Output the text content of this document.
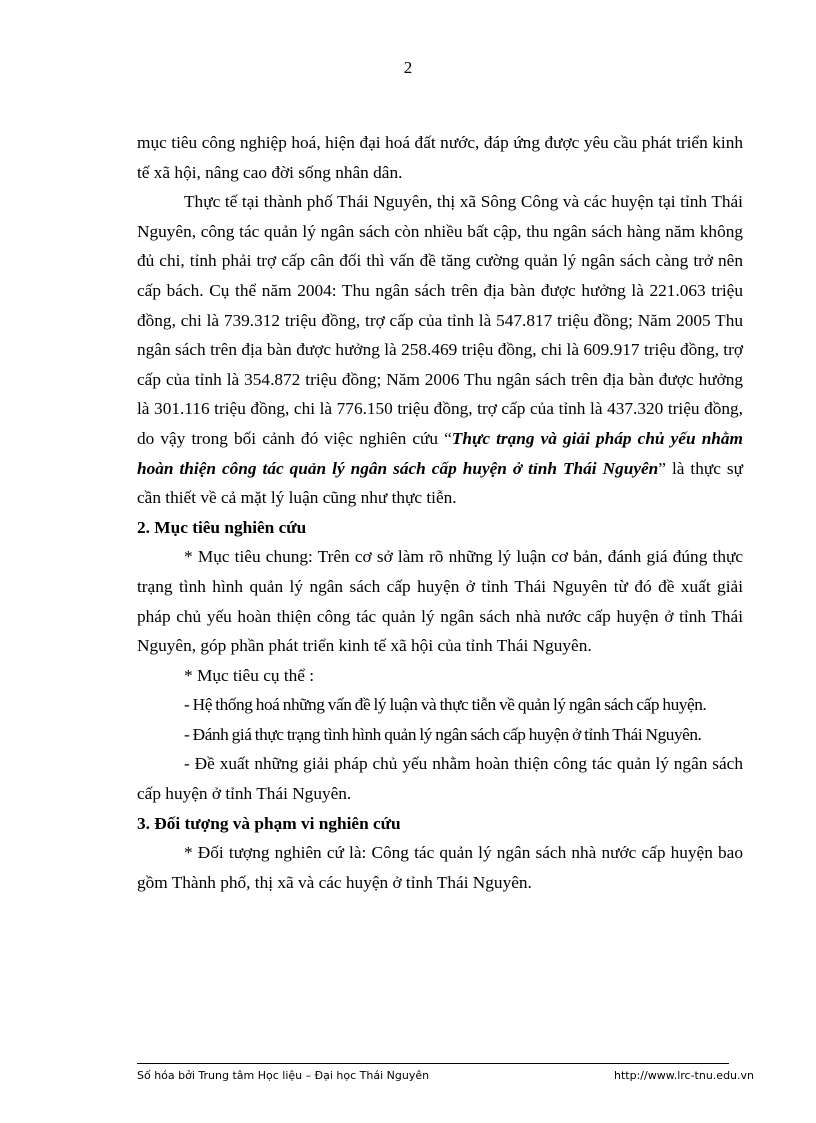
2

mục tiêu công nghiệp hoá, hiện đại hoá đất nước, đáp ứng được yêu cầu phát triển kinh tế xã hội, nâng cao đời sống nhân dân.

Thực tế tại thành phố Thái Nguyên, thị xã Sông Công và các huyện tại tỉnh Thái Nguyên, công tác quản lý ngân sách còn nhiều bất cập, thu ngân sách hàng năm không đủ chi, tỉnh phải trợ cấp cân đối thì vấn đề tăng cường quản lý ngân sách càng trở nên cấp bách. Cụ thể năm 2004: Thu ngân sách trên địa bàn được hưởng là 221.063 triệu đồng, chi là 739.312 triệu đồng, trợ cấp của tỉnh là 547.817 triệu đồng; Năm 2005 Thu ngân sách trên địa bàn được hưởng là 258.469 triệu đồng, chi là 609.917 triệu đồng, trợ cấp của tỉnh là 354.872 triệu đồng; Năm 2006 Thu ngân sách trên địa bàn được hưởng là 301.116 triệu đồng, chi là 776.150 triệu đồng, trợ cấp của tỉnh là 437.320 triệu đồng, do vậy trong bối cảnh đó việc nghiên cứu “Thực trạng và giải pháp chủ yếu nhằm hoàn thiện công tác quản lý ngân sách cấp huyện ở tỉnh Thái Nguyên” là thực sự cần thiết về cả mặt lý luận cũng như thực tiễn.

2. Mục tiêu nghiên cứu

* Mục tiêu chung: Trên cơ sở làm rõ những lý luận cơ bản, đánh giá đúng thực trạng tình hình quản lý ngân sách cấp huyện ở tỉnh Thái Nguyên từ đó đề xuất giải pháp chủ yếu hoàn thiện công tác quản lý ngân sách nhà nước cấp huyện ở tỉnh Thái Nguyên, góp phần phát triển kinh tế xã hội của tỉnh Thái Nguyên.

* Mục tiêu cụ thể :

- Hệ thống hoá những vấn đề lý luận và thực tiễn về quản lý ngân sách cấp huyện.

- Đánh giá thực trạng tình hình quản lý ngân sách cấp huyện ở tỉnh Thái Nguyên.

- Đề xuất những giải pháp chủ yếu nhằm hoàn thiện công tác quản lý ngân sách cấp huyện ở tỉnh Thái Nguyên.

3. Đối tượng và phạm vi nghiên cứu

* Đối tượng nghiên cứ là: Công tác quản lý ngân sách nhà nước cấp huyện bao gồm Thành phố, thị xã và các huyện ở tỉnh Thái Nguyên.

Số hóa bởi Trung tâm Học liệu – Đại học Thái Nguyên	http://www.lrc-tnu.edu.vn
